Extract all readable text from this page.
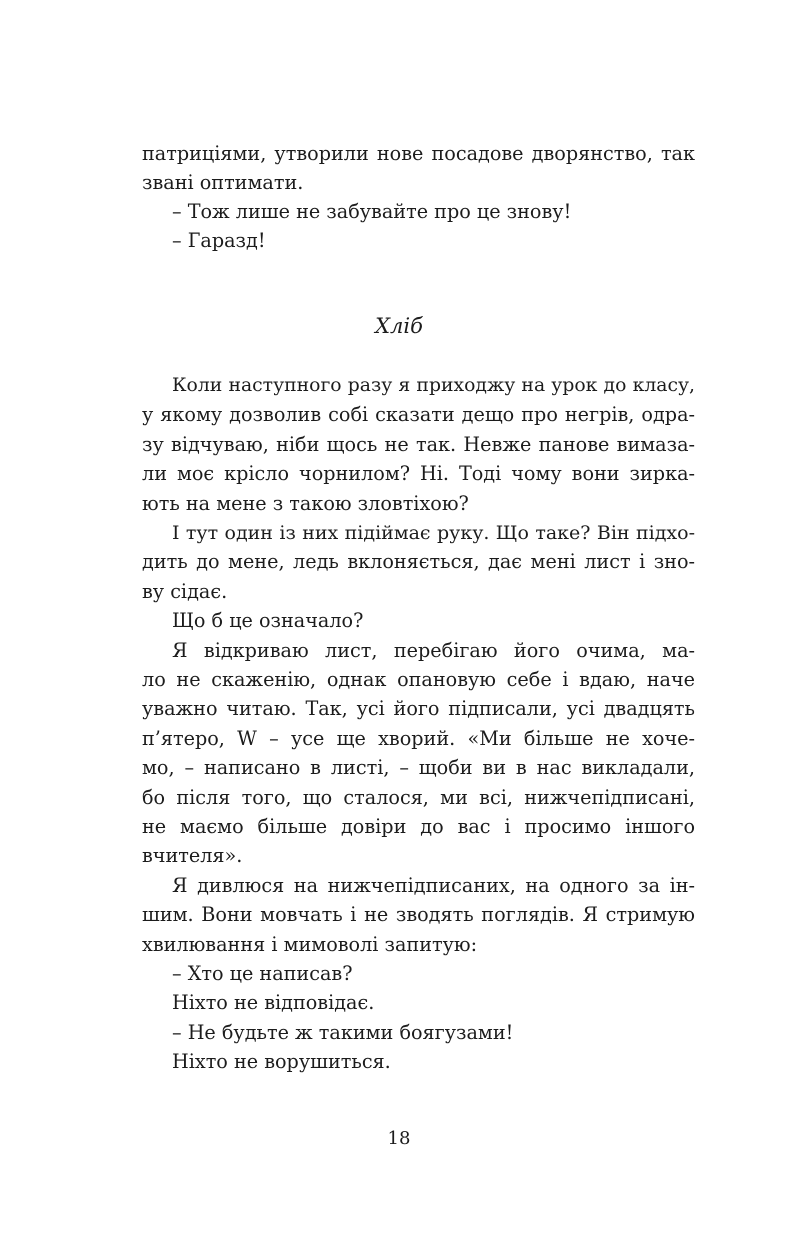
патриціями, утворили нове посадове дворянство, так
звані оптимати.
– Тож лише не забувайте про це знову!
– Гаразд!
Хліб
Коли наступного разу я приходжу на урок до класу,
у якому дозволив собі сказати дещо про негрів, одра-
зу відчуваю, ніби щось не так. Невже панове вимаза-
ли моє крісло чорнилом? Ні. Тоді чому вони зирка-
ють на мене з такою зловтіхою?
І тут один із них підіймає руку. Що таке? Він підхо-
дить до мене, ледь вклоняється, дає мені лист і зно-
ву сідає.
Що б це означало?
Я відкриваю лист, перебігаю його очима, ма-
ло не скаженію, однак опановую себе і вдаю, наче
уважно читаю. Так, усі його підписали, усі двадцять
п’ятеро, W – усе ще хворий. «Ми більше не хоче-
мо, – написано в листі, – щоби ви в нас викладали,
бо після того, що сталося, ми всі, нижчепідписані,
не маємо більше довіри до вас і просимо іншого
вчителя».
Я дивлюся на нижчепідписаних, на одного за ін-
шим. Вони мовчать і не зводять поглядів. Я стримую
хвилювання і мимоволі запитую:
– Хто це написав?
Ніхто не відповідає.
– Не будьте ж такими боягузами!
Ніхто не ворушиться.
18
